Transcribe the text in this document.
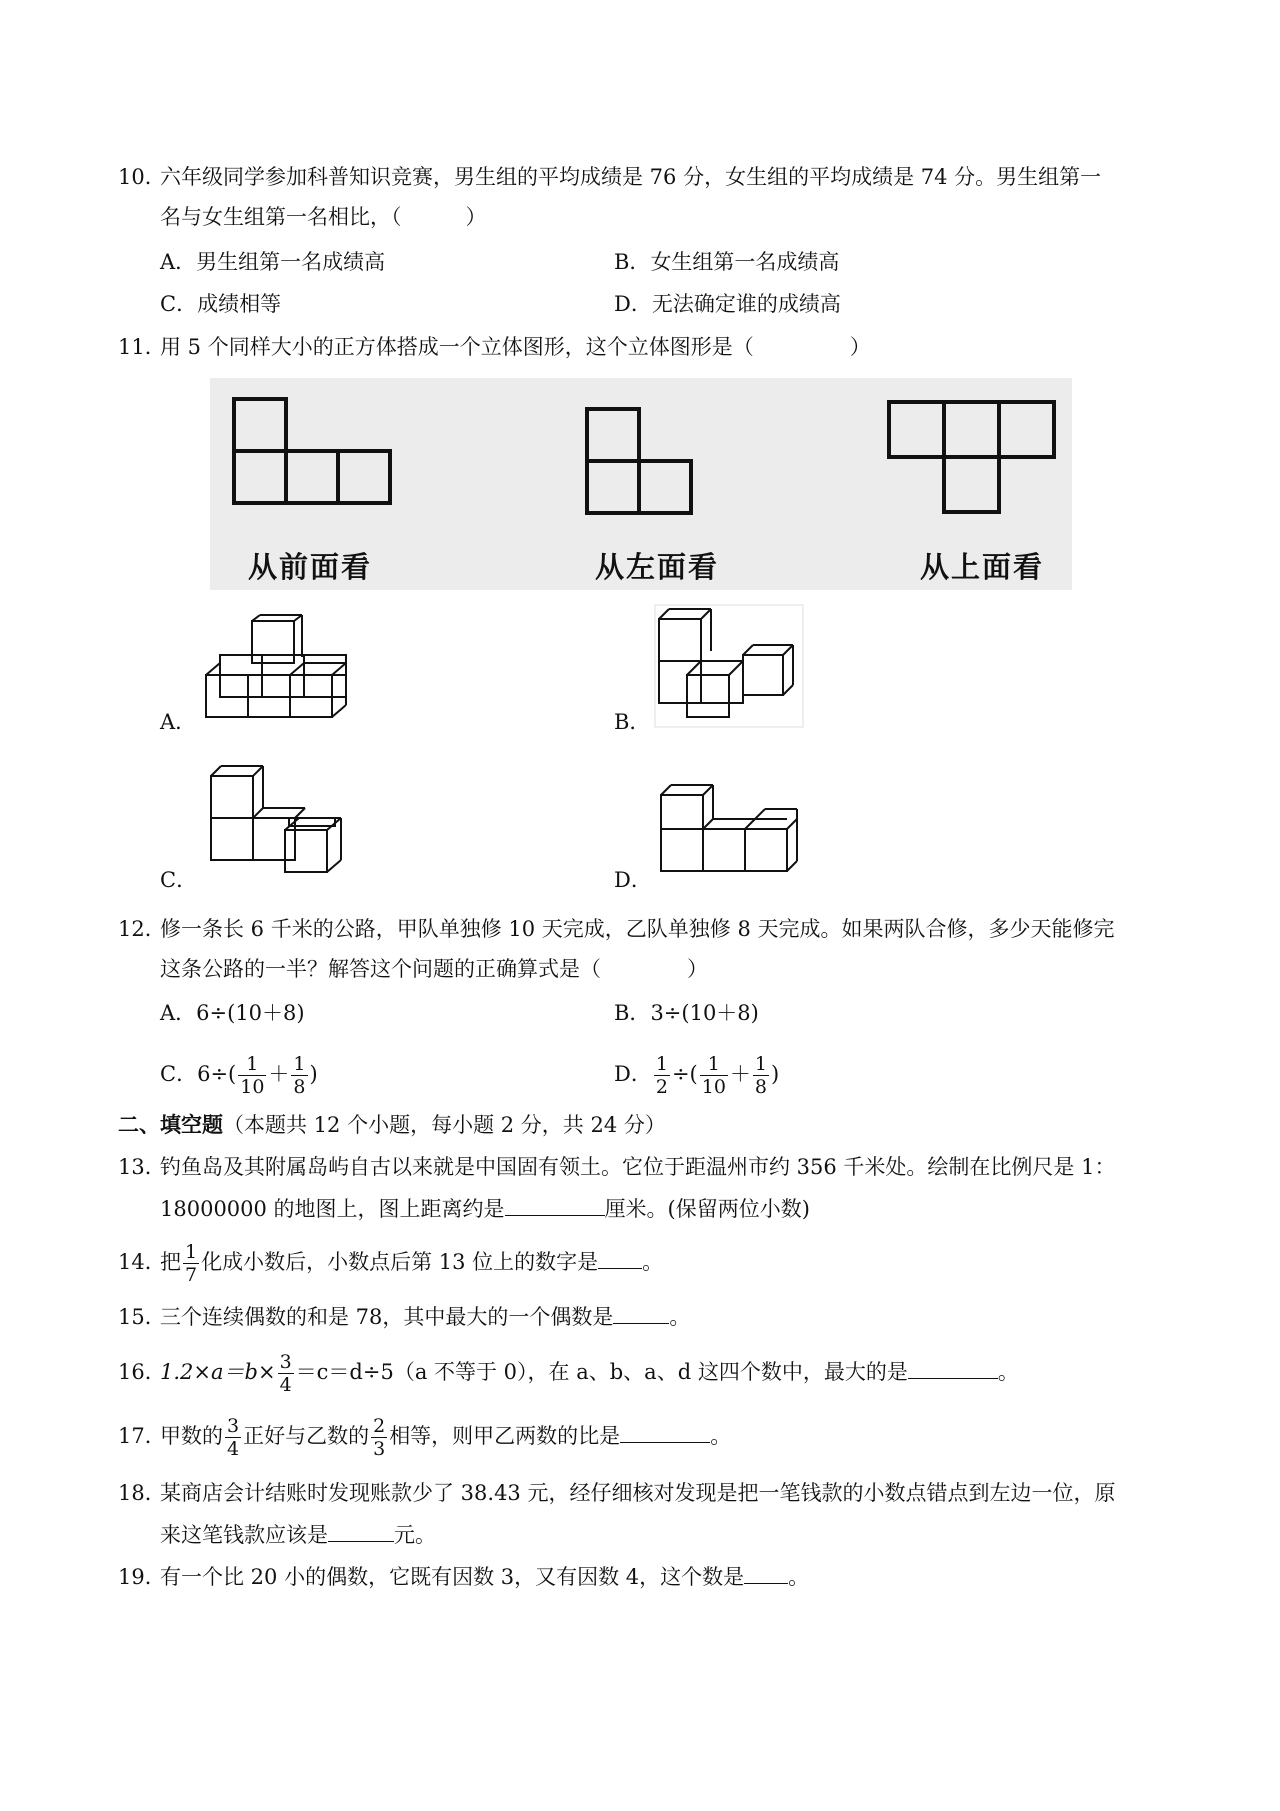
10．六年级同学参加科普知识竞赛，男生组的平均成绩是 76 分，女生组的平均成绩是 74 分。男生组第一
名与女生组第一名相比，（	）
A．男生组第一名成绩高	B．女生组第一名成绩高
C．成绩相等	D．无法确定谁的成绩高
11．用 5 个同样大小的正方体搭成一个立体图形，这个立体图形是（	）
从前面看	从左面看	从上面看
A．	B．
C．	D．
12．修一条长 6 千米的公路，甲队单独修 10 天完成，乙队单独修 8 天完成。如果两队合修，多少天能修完
这条公路的一半？解答这个问题的正确算式是（	）
A．6÷(10＋8)	B．3÷(10＋8)
C．$6\div( \frac{1}{10} + \frac{1}{8}$ )	D． $\frac{1}{2}$ ÷( $\frac{1}{10} + \frac{1}{8}$ )
二、填空题（本题共 12 个小题，每小题 2 分，共 24 分）
13．钓鱼岛及其附属岛屿自古以来就是中国固有领土。它位于距温州市约 356 千米处。绘制在比例尺是 1：
18000000 的地图上，图上距离约是	厘米。(保留两位小数)
14．把 $\frac{1}{7}$ 化成小数后，小数点后第 13 位上的数字是 。
15．三个连续偶数的和是 78，其中最大的一个偶数是	。
16．$1.2\times a=b\times \frac{3}{4} =c=d\div 5(a$ 不等于 0），在 a、b、a、d 这四个数中，最大的是	。
17．甲数的 $\frac{3}{4}$ 正好与乙数的 $\frac{2}{3}$ 相等，则甲乙两数的比是	。
18．某商店会计结账时发现账款少了 38.43 元，经仔细核对发现是把一笔钱款的小数点错点到左边一位，原
来这笔钱款应该是	元。
19．有一个比 20 小的偶数，它既有因数 3，又有因数 4，这个数是 。
